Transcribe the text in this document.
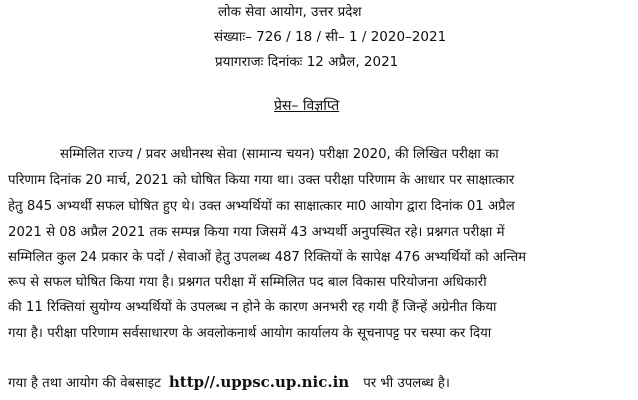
लोक सेवा आयोग, उत्तर प्रदेश
संख्याः– 726 / 18 / सी– 1 / 2020–2021
प्रयागराजः दिनांकः 12 अप्रैल, 2021
प्रेस– विज्ञप्ति
सम्मिलित राज्य / प्रवर अधीनस्थ सेवा (सामान्य चयन) परीक्षा 2020, की लिखित परीक्षा का
परिणाम दिनांक 20 मार्च, 2021 को घोषित किया गया था। उक्त परीक्षा परिणाम के आधार पर साक्षात्कार
हेतु 845 अभ्यर्थी सफल घोषित हुए थे। उक्त अभ्यर्थियों का साक्षात्कार मा0 आयोग द्वारा दिनांक 01 अप्रैल
2021 से 08 अप्रैल 2021 तक सम्पन्न किया गया जिसमें 43 अभ्यर्थी अनुपस्थित रहे। प्रश्नगत परीक्षा में
सम्मिलित कुल 24 प्रकार के पदों / सेवाओं हेतु उपलब्ध 487 रिक्तियों के सापेक्ष 476 अभ्यर्थियों को अन्तिम
रूप से सफल घोषित किया गया है। प्रश्नगत परीक्षा में सम्मिलित पद बाल विकास परियोजना अधिकारी
की 11 रिक्तियां सुयोग्य अभ्यर्थियों के उपलब्ध न होने के कारण अनभरी रह गयी हैं जिन्हें अग्रेनीत किया
गया है। परीक्षा परिणाम सर्वसाधारण के अवलोकनार्थ आयोग कार्यालय के सूचनापट्ट पर चस्पा कर दिया
गया है तथा आयोग की वेबसाइट http//.uppsc.up.nic.in पर भी उपलब्ध है।
